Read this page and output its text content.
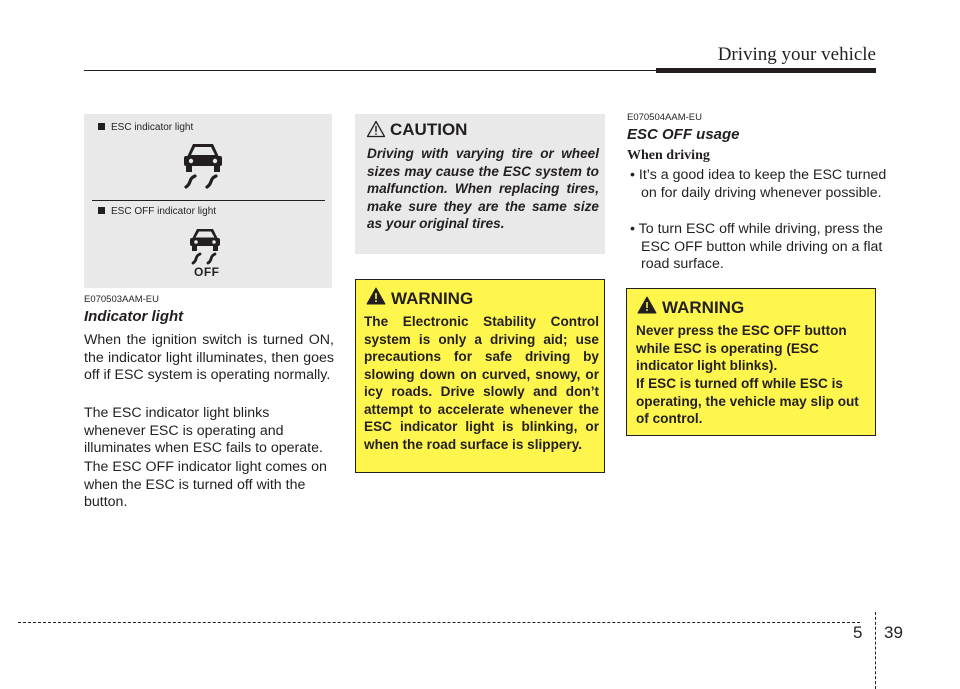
Driving your vehicle
ESC indicator light
ESC OFF indicator light
OFF
E070503AAM-EU
Indicator light
When the ignition switch is turned ON, the indicator light illuminates, then goes off if ESC system is operating normally.
The ESC indicator light blinks whenever ESC is operating and illuminates when ESC fails to operate.
The ESC OFF indicator light comes on when the ESC is turned off with the button.
CAUTION
Driving with varying tire or wheel sizes may cause the ESC system to malfunction. When replacing tires, make sure they are the same size as your original tires.
WARNING
The Electronic Stability Control system is only a driving aid; use precautions for safe driving by slowing down on curved, snowy, or icy roads. Drive slowly and don’t attempt to accelerate whenever the ESC indicator light is blinking, or when the road surface is slippery.
E070504AAM-EU
ESC OFF usage
When driving
• It’s a good idea to keep the ESC turned on for daily driving whenever possible.
• To turn ESC off while driving, press the ESC OFF button while driving on a flat road surface.
WARNING
Never press the ESC OFF button while ESC is operating (ESC indicator light blinks).
If ESC is turned off while ESC is operating, the vehicle may slip out of control.
5 39
